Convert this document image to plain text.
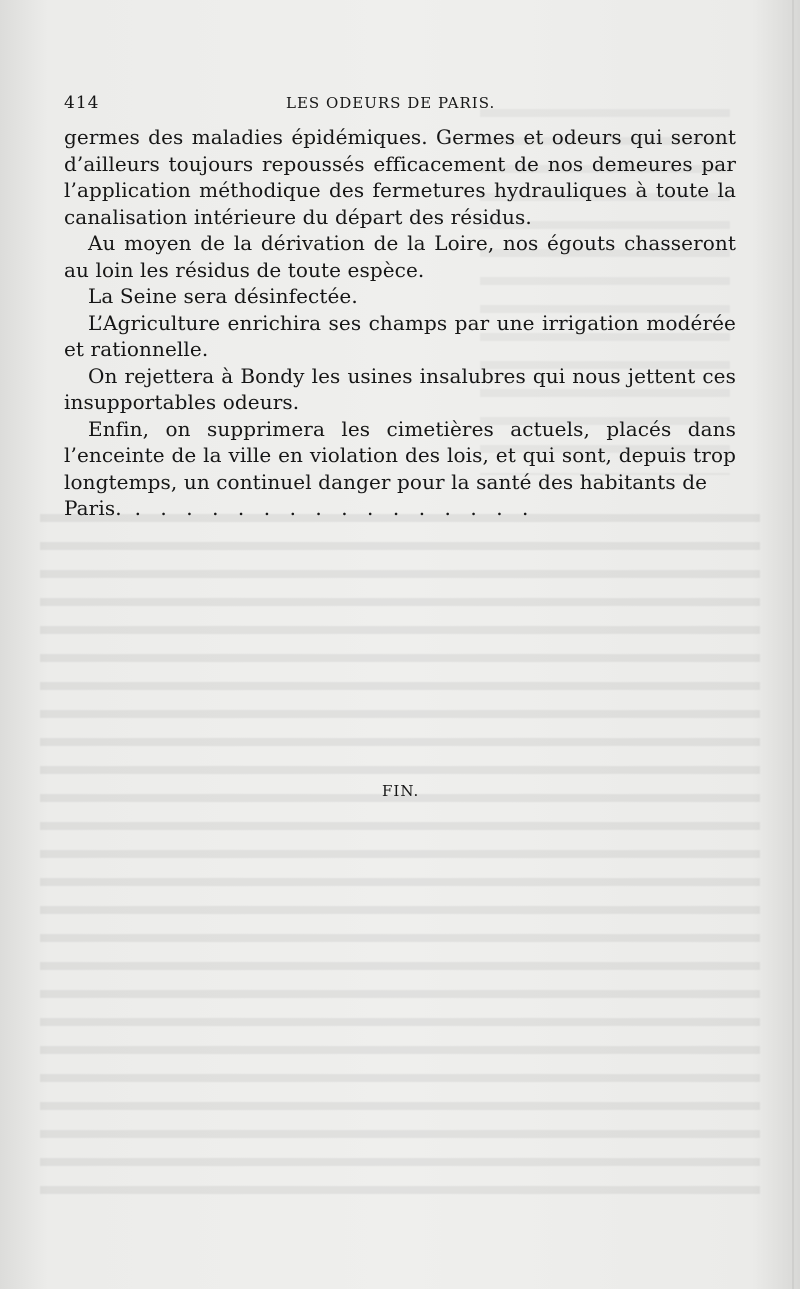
414	LES ODEURS DE PARIS.

germes des maladies épidémiques. Germes et odeurs qui seront d’ailleurs toujours repoussés efficacement de nos demeures par l’application méthodique des fermetures hydrauliques à toute la canalisation intérieure du départ des résidus.

Au moyen de la dérivation de la Loire, nos égouts chasseront au loin les résidus de toute espèce.

La Seine sera désinfectée.

L’Agriculture enrichira ses champs par une irrigation modérée et rationnelle.

On rejettera à Bondy les usines insalubres qui nous jettent ces insupportables odeurs.

Enfin, on supprimera les cimetières actuels, placés dans l’enceinte de la ville en violation des lois, et qui sont, depuis trop longtemps, un continuel danger pour la santé des habitants de

Paris.  .   .   .   .   .   .   .   .   .   .   .   .   .   .   .   .

FIN.
